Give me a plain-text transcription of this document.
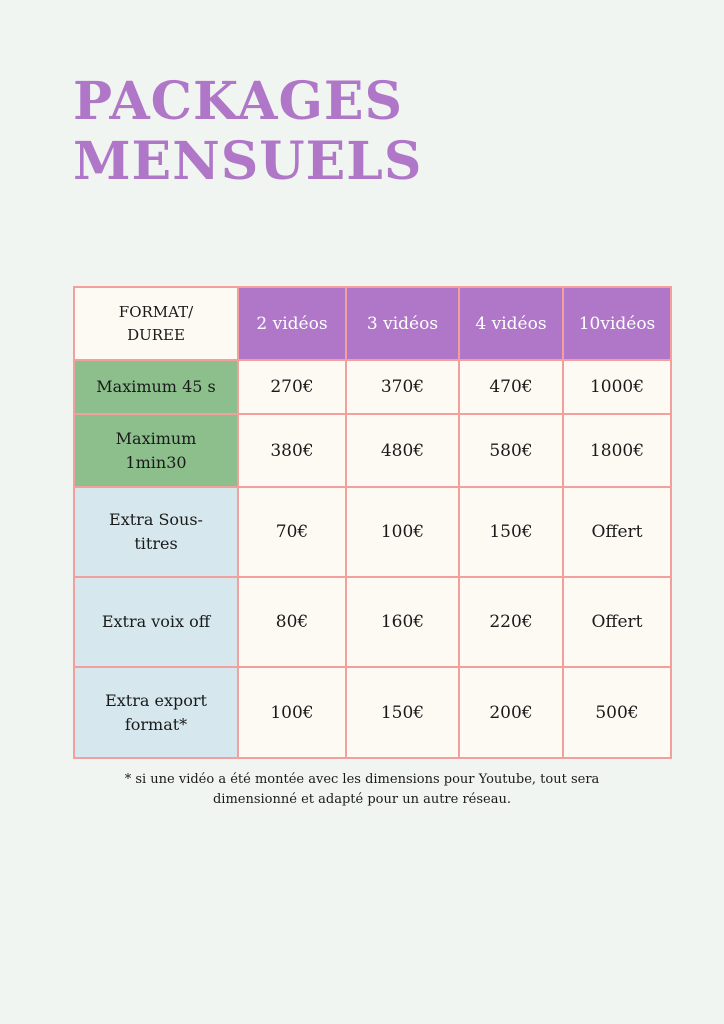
PACKAGES
MENSUELS
FORMAT/
DUREE	2 vidéos	3 vidéos	4 vidéos	10vidéos
Maximum 45 s	270€	370€	470€	1000€
Maximum
1min30	380€	480€	580€	1800€
Extra Sous-
titres	70€	100€	150€	Offert
Extra voix off	80€	160€	220€	Offert
Extra export
format*	100€	150€	200€	500€

* si une vidéo a été montée avec les dimensions pour Youtube, tout sera
dimensionné et adapté pour un autre réseau.
